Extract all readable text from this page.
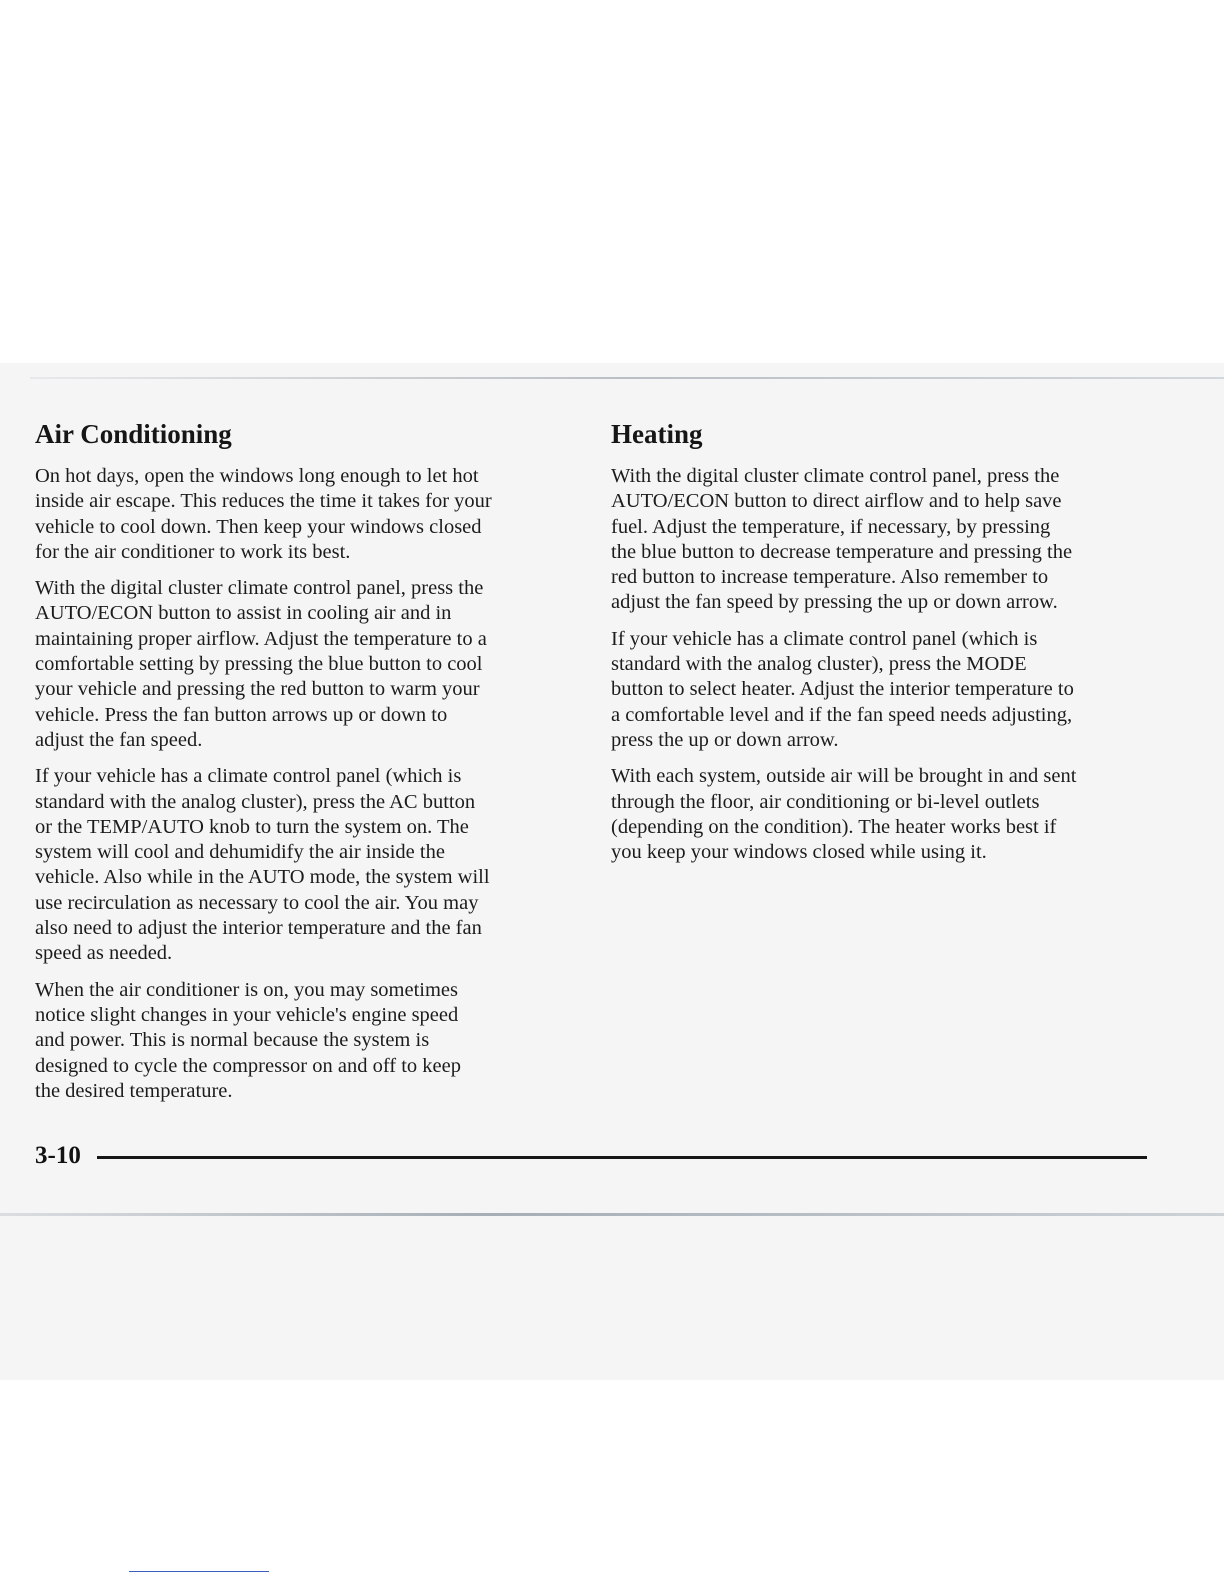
Air Conditioning

On hot days, open the windows long enough to let hot
inside air escape. This reduces the time it takes for your
vehicle to cool down. Then keep your windows closed
for the air conditioner to work its best.

With the digital cluster climate control panel, press the
AUTO/ECON button to assist in cooling air and in
maintaining proper airflow. Adjust the temperature to a
comfortable setting by pressing the blue button to cool
your vehicle and pressing the red button to warm your
vehicle. Press the fan button arrows up or down to
adjust the fan speed.

If your vehicle has a climate control panel (which is
standard with the analog cluster), press the AC button
or the TEMP/AUTO knob to turn the system on. The
system will cool and dehumidify the air inside the
vehicle. Also while in the AUTO mode, the system will
use recirculation as necessary to cool the air. You may
also need to adjust the interior temperature and the fan
speed as needed.

When the air conditioner is on, you may sometimes
notice slight changes in your vehicle's engine speed
and power. This is normal because the system is
designed to cycle the compressor on and off to keep
the desired temperature.

Heating

With the digital cluster climate control panel, press the
AUTO/ECON button to direct airflow and to help save
fuel. Adjust the temperature, if necessary, by pressing
the blue button to decrease temperature and pressing the
red button to increase temperature. Also remember to
adjust the fan speed by pressing the up or down arrow.

If your vehicle has a climate control panel (which is
standard with the analog cluster), press the MODE
button to select heater. Adjust the interior temperature to
a comfortable level and if the fan speed needs adjusting,
press the up or down arrow.

With each system, outside air will be brought in and sent
through the floor, air conditioning or bi-level outlets
(depending on the condition). The heater works best if
you keep your windows closed while using it.

3-10
